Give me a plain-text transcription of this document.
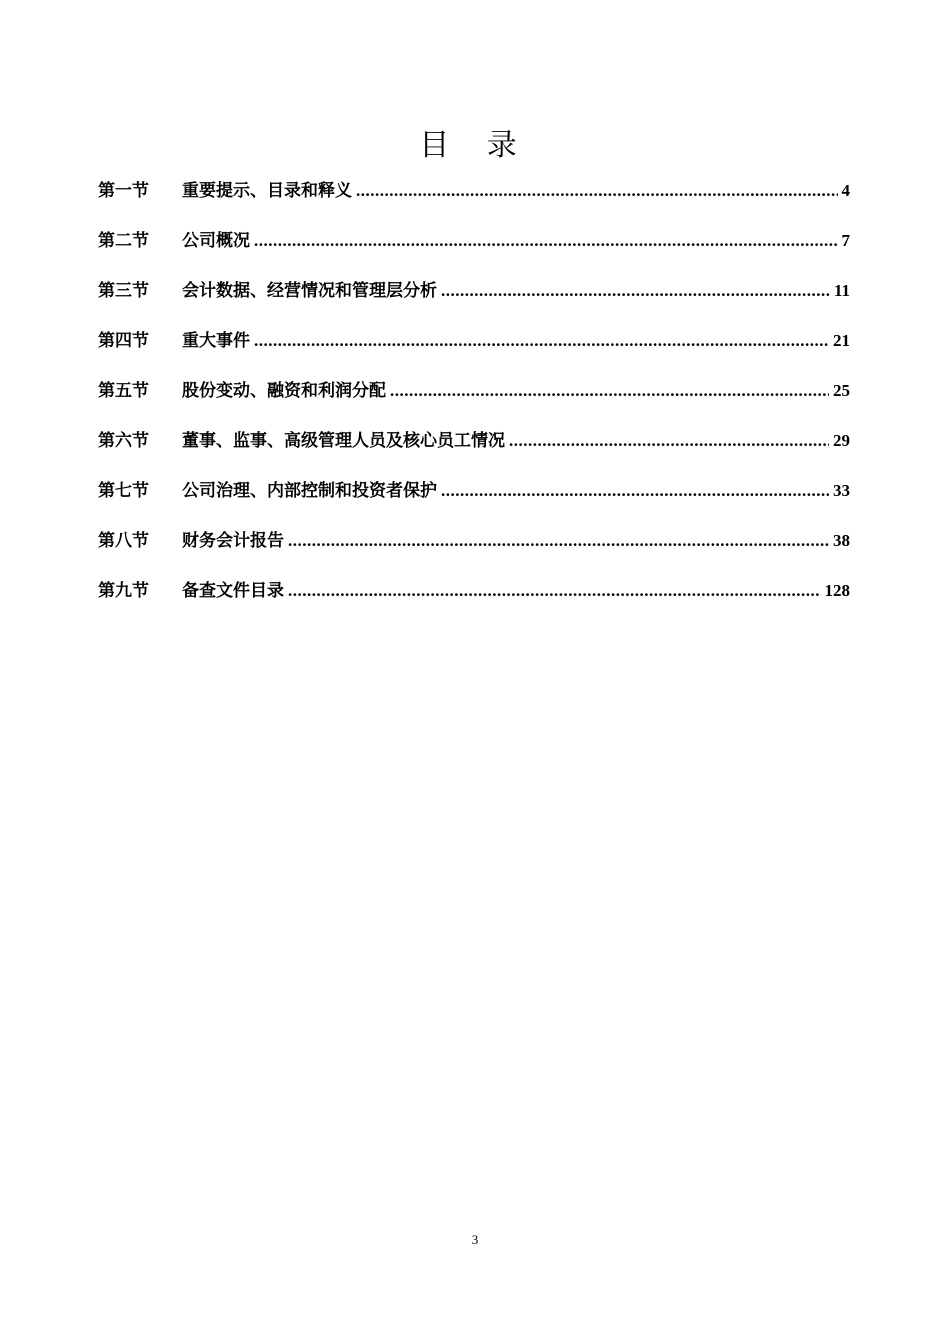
目 录
第一节	重要提示、目录和释义 .....	4
第二节	公司概况 .....	7
第三节	会计数据、经营情况和管理层分析 .....	11
第四节	重大事件 .....	21
第五节	股份变动、融资和利润分配 .....	25
第六节	董事、监事、高级管理人员及核心员工情况 .....	29
第七节	公司治理、内部控制和投资者保护 .....	33
第八节	财务会计报告 .....	38
第九节	备查文件目录 .....	128
3
